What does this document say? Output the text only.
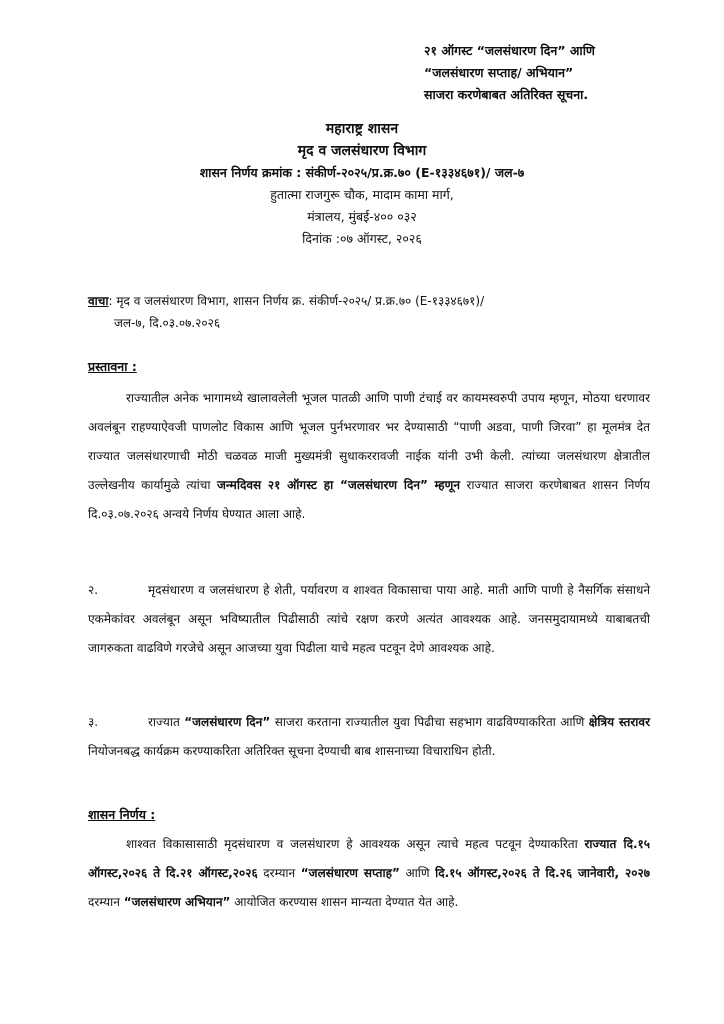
२१ ऑगस्ट “जलसंधारण दिन” आणि
“जलसंधारण सप्ताह/ अभियान”
साजरा करणेबाबत अतिरिक्त सूचना.
महाराष्ट्र शासन
मृद व जलसंधारण विभाग
शासन निर्णय क्रमांक : संकीर्ण-२०२५/प्र.क्र.७० (E-१३३४६७१)/ जल-७
हुतात्मा राजगुरू चौक, मादाम कामा मार्ग,
मंत्रालय, मुंबई-४०० ०३२
दिनांक :०७ ऑगस्ट, २०२६
वाचा: मृद व जलसंधारण विभाग, शासन निर्णय क्र. संकीर्ण-२०२५/ प्र.क्र.७० (E-१३३४६७१)/
जल-७, दि.०३.०७.२०२६
प्रस्तावना :
राज्यातील अनेक भागामध्ये खालावलेली भूजल पातळी आणि पाणी टंचाई वर कायमस्वरुपी उपाय म्हणून, मोठया धरणावर अवलंबून राहण्याऐवजी पाणलोट विकास आणि भूजल पुर्नभरणावर भर देण्यासाठी “पाणी अडवा, पाणी जिरवा” हा मूलमंत्र देत राज्यात जलसंधारणाची मोठी चळवळ माजी मुख्यमंत्री सुधाकररावजी नाईक यांनी उभी केली. त्यांच्या जलसंधारण क्षेत्रातील उल्लेखनीय कार्यामुळे त्यांचा जन्मदिवस २१ ऑगस्ट हा “जलसंधारण दिन” म्हणून राज्यात साजरा करणेबाबत शासन निर्णय दि.०३.०७.२०२६ अन्वये निर्णय घेण्यात आला आहे.
२.	मृदसंधारण व जलसंधारण हे शेती, पर्यावरण व शाश्वत विकासाचा पाया आहे. माती आणि पाणी हे नैसर्गिक संसाधने एकमेकांवर अवलंबून असून भविष्यातील पिढीसाठी त्यांचे रक्षण करणे अत्यंत आवश्यक आहे. जनसमुदायामध्ये याबाबतची जागरुकता वाढविणे गरजेचे असून आजच्या युवा पिढीला याचे महत्व पटवून देणे आवश्यक आहे.
३.	राज्यात “जलसंधारण दिन” साजरा करताना राज्यातील युवा पिढीचा सहभाग वाढविण्याकरिता आणि क्षेत्रिय स्तरावर नियोजनबद्ध कार्यक्रम करण्याकरिता अतिरिक्त सूचना देण्याची बाब शासनाच्या विचाराधिन होती.
शासन निर्णय :
शाश्वत विकासासाठी मृदसंधारण व जलसंधारण हे आवश्यक असून त्याचे महत्व पटवून देण्याकरिता राज्यात दि.१५ ऑगस्ट,२०२६ ते दि.२१ ऑगस्ट,२०२६ दरम्यान “जलसंधारण सप्ताह” आणि दि.१५ ऑगस्ट,२०२६ ते दि.२६ जानेवारी, २०२७ दरम्यान “जलसंधारण अभियान” आयोजित करण्यास शासन मान्यता देण्यात येत आहे.
